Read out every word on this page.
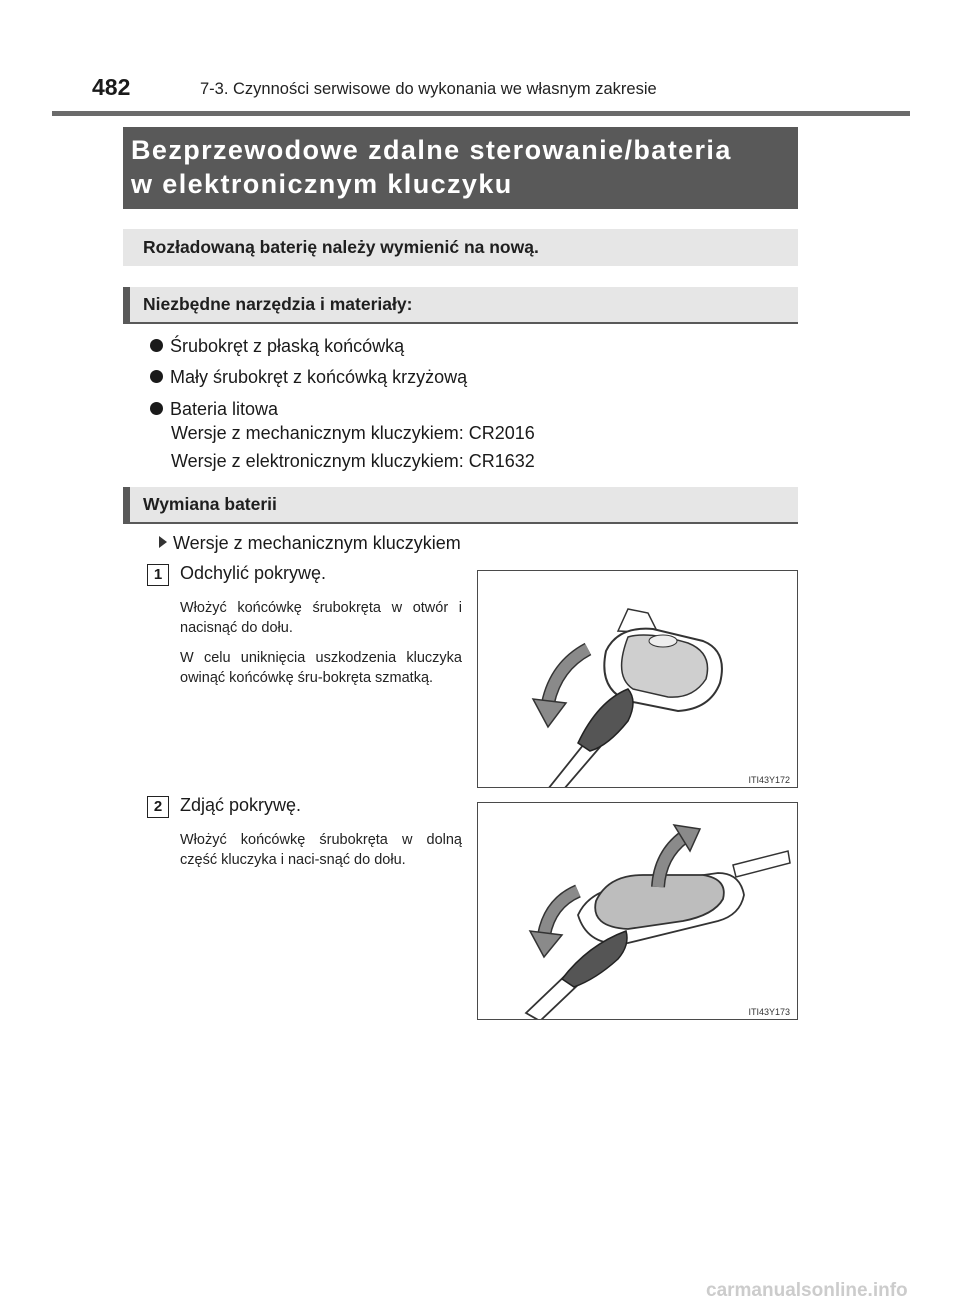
482	7-3. Czynności serwisowe do wykonania we własnym zakresie
Bezprzewodowe zdalne sterowanie/bateria
w elektronicznym kluczyku
Rozładowaną baterię należy wymienić na nową.
Niezbędne narzędzia i materiały:
Śrubokręt z płaską końcówką
Mały śrubokręt z końcówką krzyżową
Bateria litowa
Wersje z mechanicznym kluczykiem: CR2016
Wersje z elektronicznym kluczykiem: CR1632
Wymiana baterii
Wersje z mechanicznym kluczykiem
1 Odchylić pokrywę.
Włożyć końcówkę śrubokręta w otwór i nacisnąć do dołu.
W celu uniknięcia uszkodzenia kluczyka owinąć końcówkę śru-bokręta szmatką.
ITI43Y172
2 Zdjąć pokrywę.
Włożyć końcówkę śrubokręta w dolną część kluczyka i naci-snąć do dołu.
ITI43Y173
carmanualsonline.info
